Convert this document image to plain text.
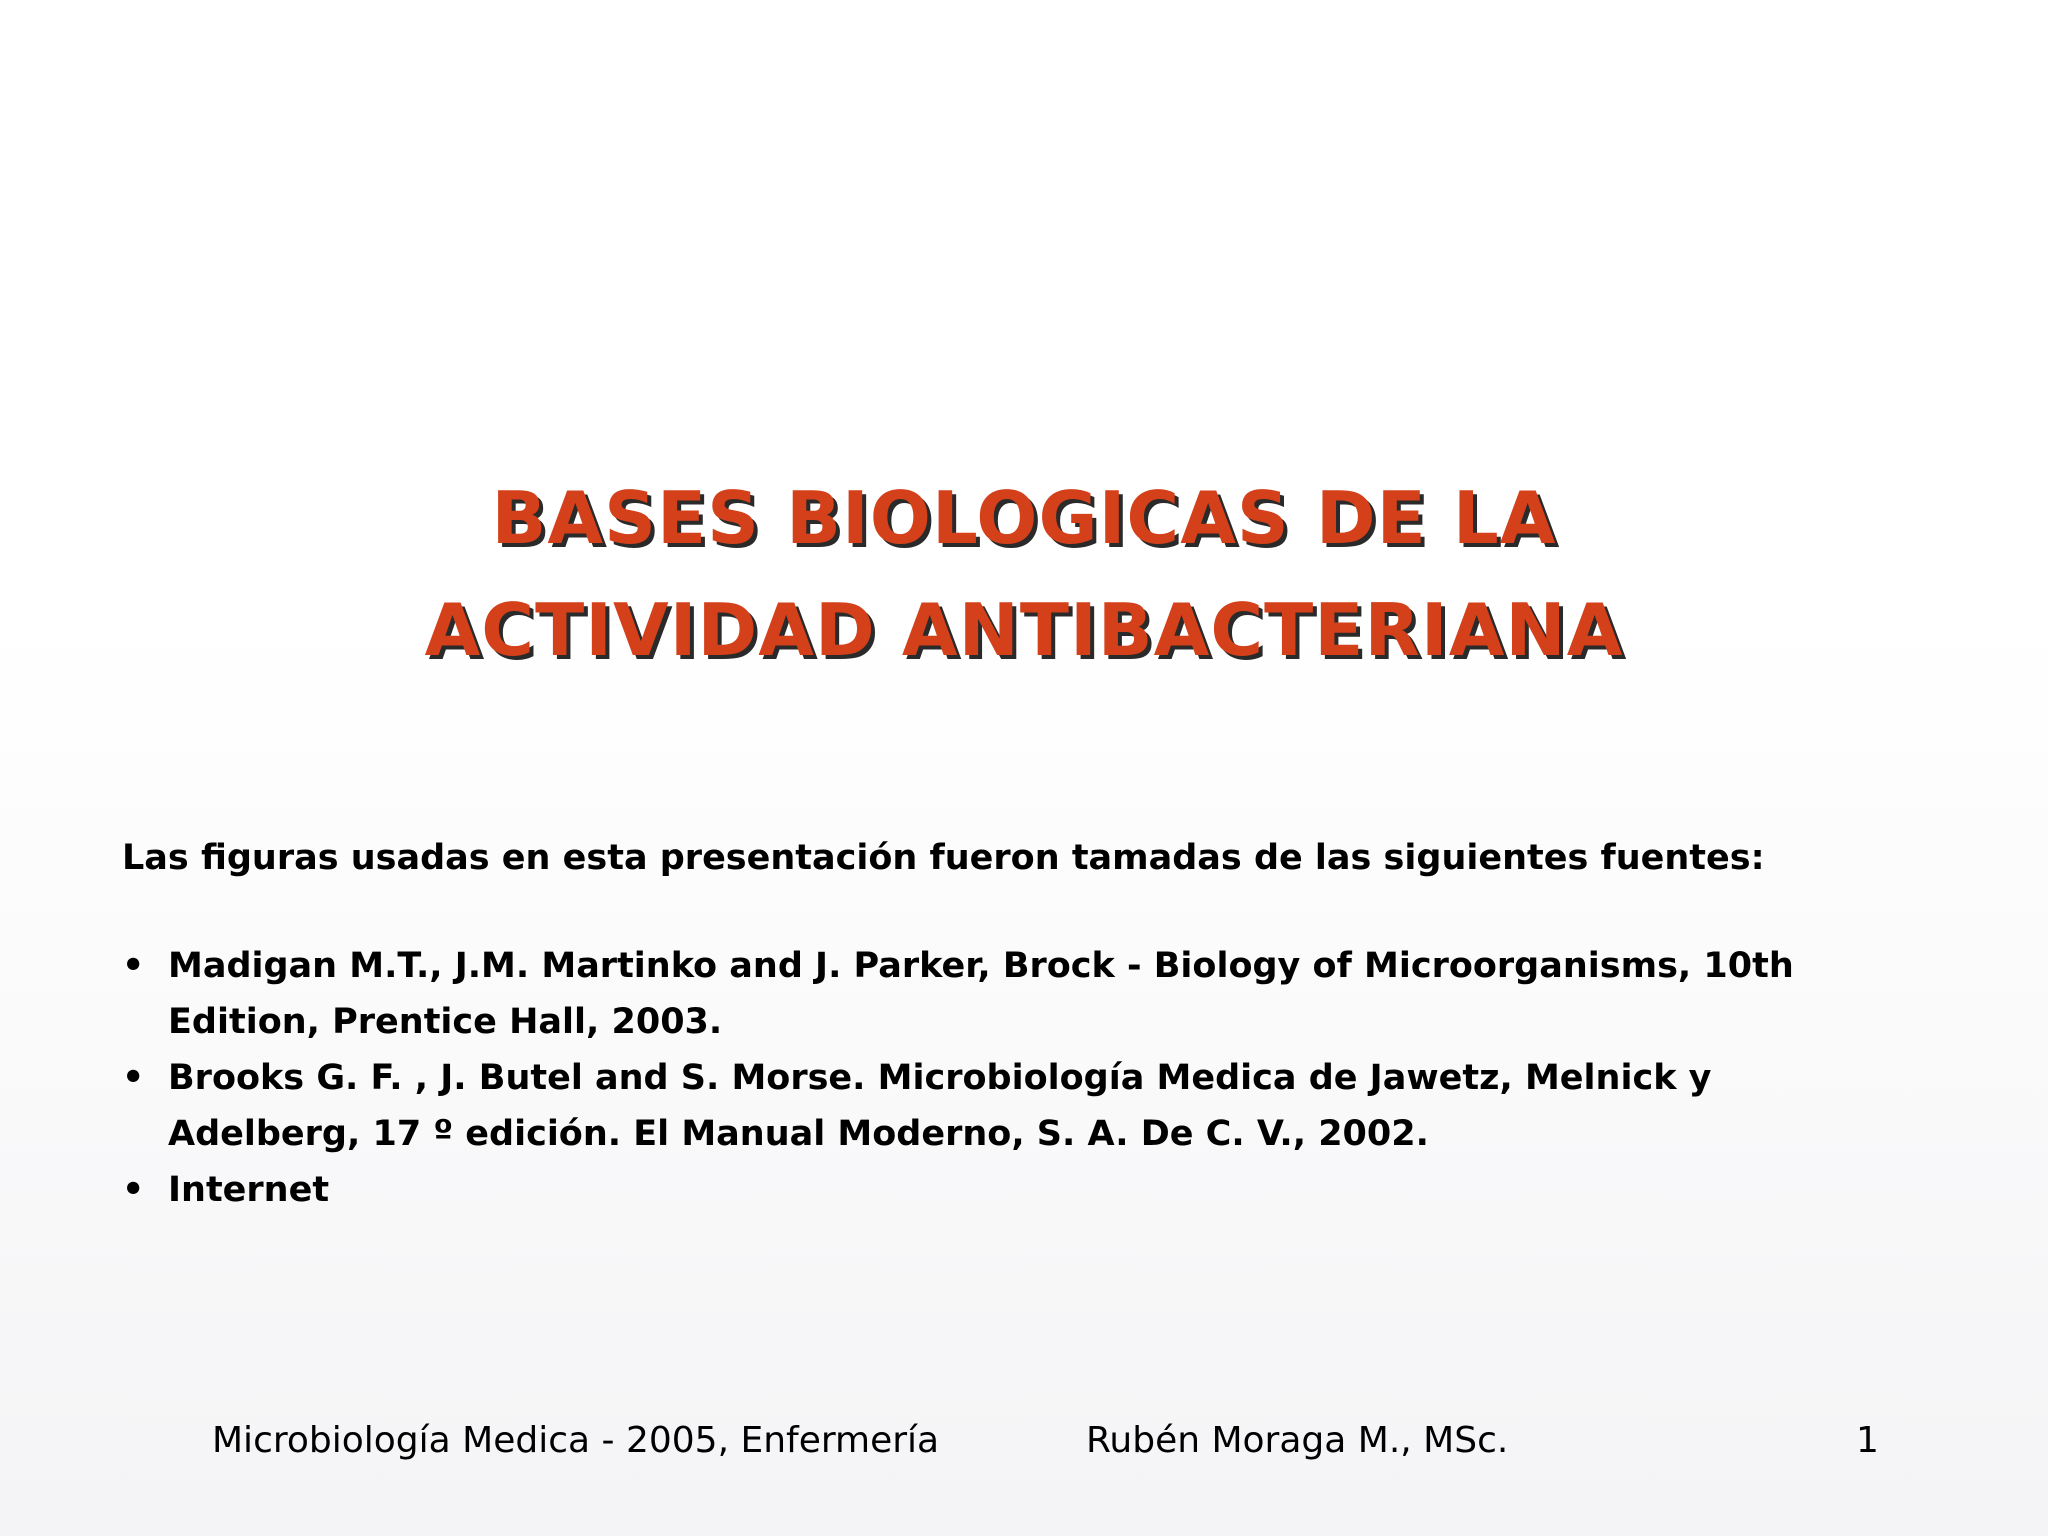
BASES BIOLOGICAS DE LA
ACTIVIDAD ANTIBACTERIANA

Las figuras usadas en esta presentación fueron tamadas de las siguientes fuentes:

• Madigan M.T., J.M. Martinko and J. Parker, Brock - Biology of Microorganisms, 10th Edition, Prentice Hall, 2003.
• Brooks G. F. , J. Butel and S. Morse. Microbiología Medica de Jawetz, Melnick y Adelberg, 17 º edición. El Manual Moderno, S. A. De C. V., 2002.
• Internet
Microbiología Medica - 2005, Enfermería	Rubén Moraga M., MSc.	1
